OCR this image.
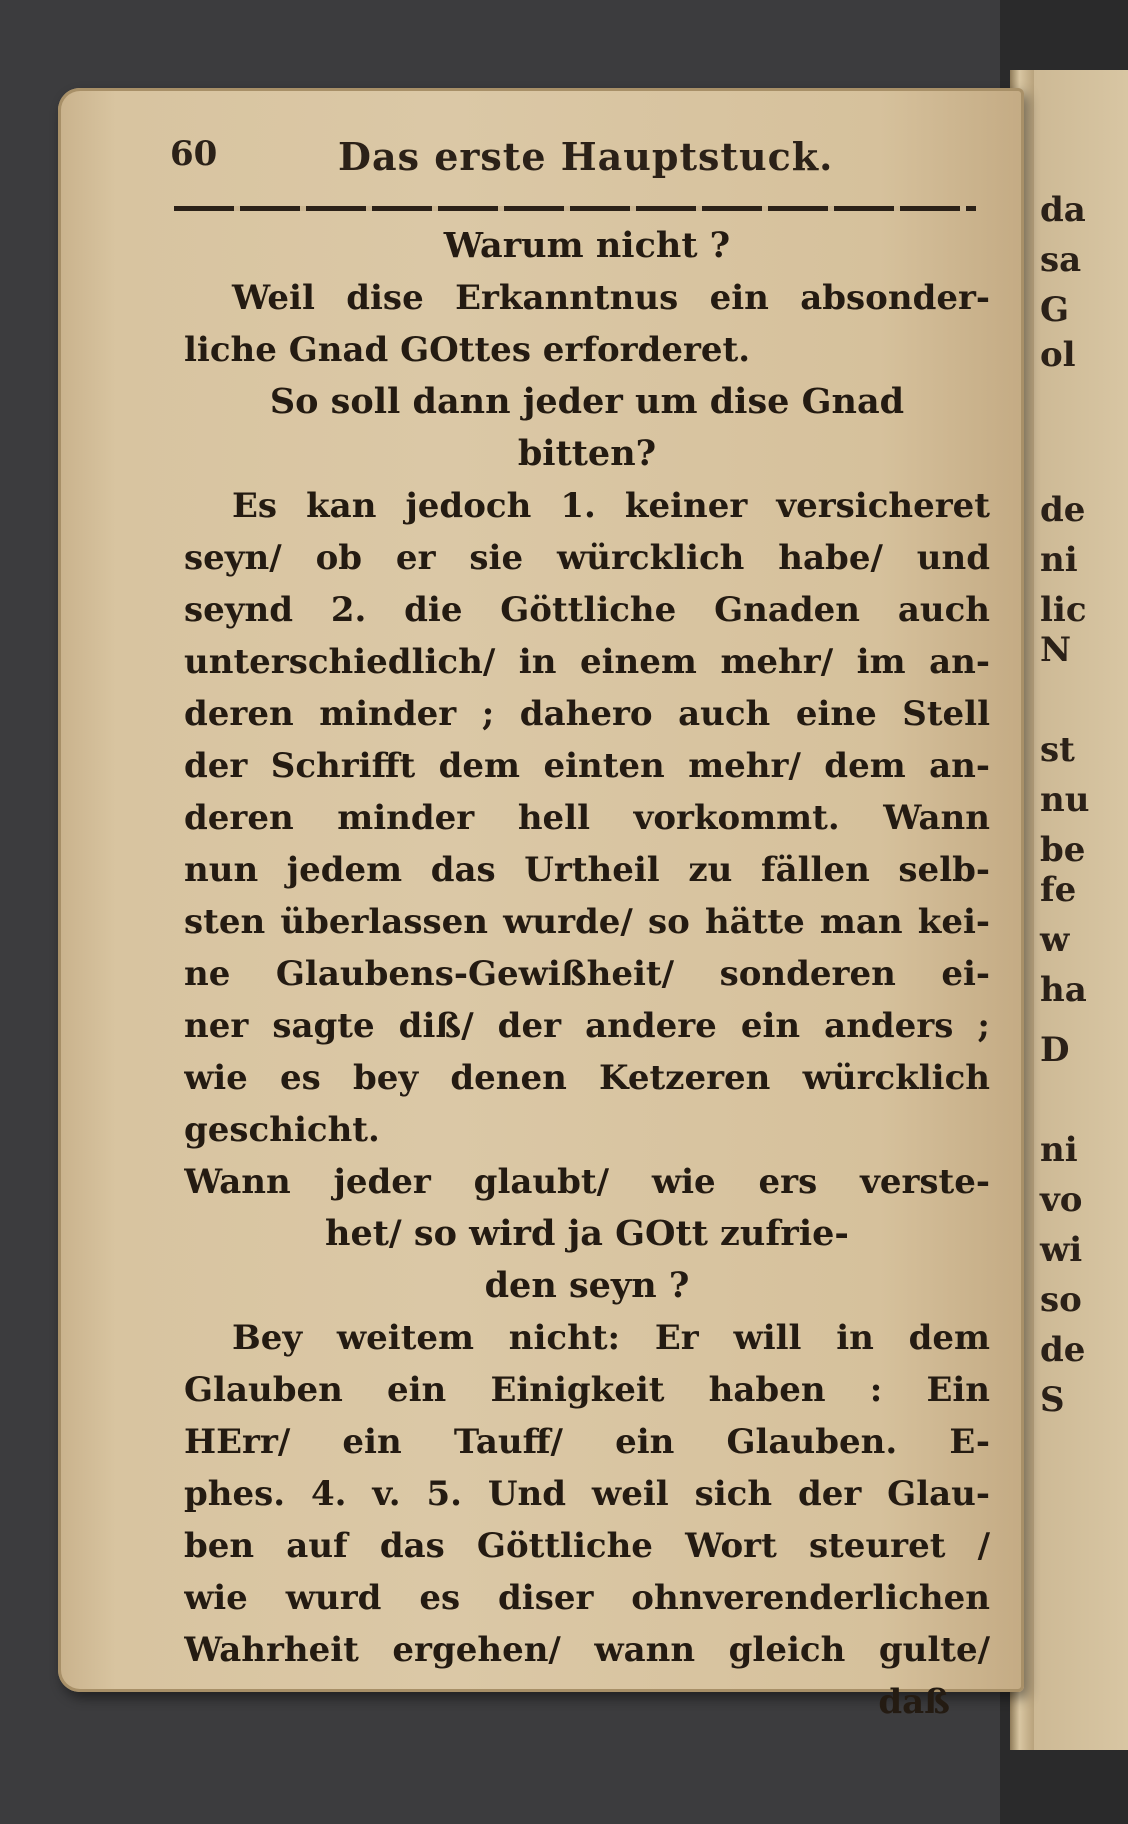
da
sa
G
ol
de
ni
lic
N
st
nu
be
fe
w
ha
D
ni
vo
wi
so
de
S
60	Das erste Hauptstuck.
Warum nicht ?
Weil dise Erkanntnus ein absonder-
liche Gnad GOttes erforderet.
So soll dann jeder um dise Gnad
bitten?
Es kan jedoch 1. keiner versicheret
seyn/ ob er sie würcklich habe/ und
seynd 2. die Göttliche Gnaden auch
unterschiedlich/ in einem mehr/ im an-
deren minder ; dahero auch eine Stell
der Schrifft dem einten mehr/ dem an-
deren minder hell vorkommt. Wann
nun jedem das Urtheil zu fällen selb-
sten überlassen wurde/ so hätte man kei-
ne Glaubens-Gewißheit/ sonderen ei-
ner sagte diß/ der andere ein anders ;
wie es bey denen Ketzeren würcklich
geschicht.
Wann jeder glaubt/ wie ers verste-
het/ so wird ja GOtt zufrie-
den seyn ?
Bey weitem nicht: Er will in dem
Glauben ein Einigkeit haben : Ein
HErr/ ein Tauff/ ein Glauben. E-
phes. 4. v. 5. Und weil sich der Glau-
ben auf das Göttliche Wort steuret /
wie wurd es diser ohnverenderlichen
Wahrheit ergehen/ wann gleich gulte/
daß
